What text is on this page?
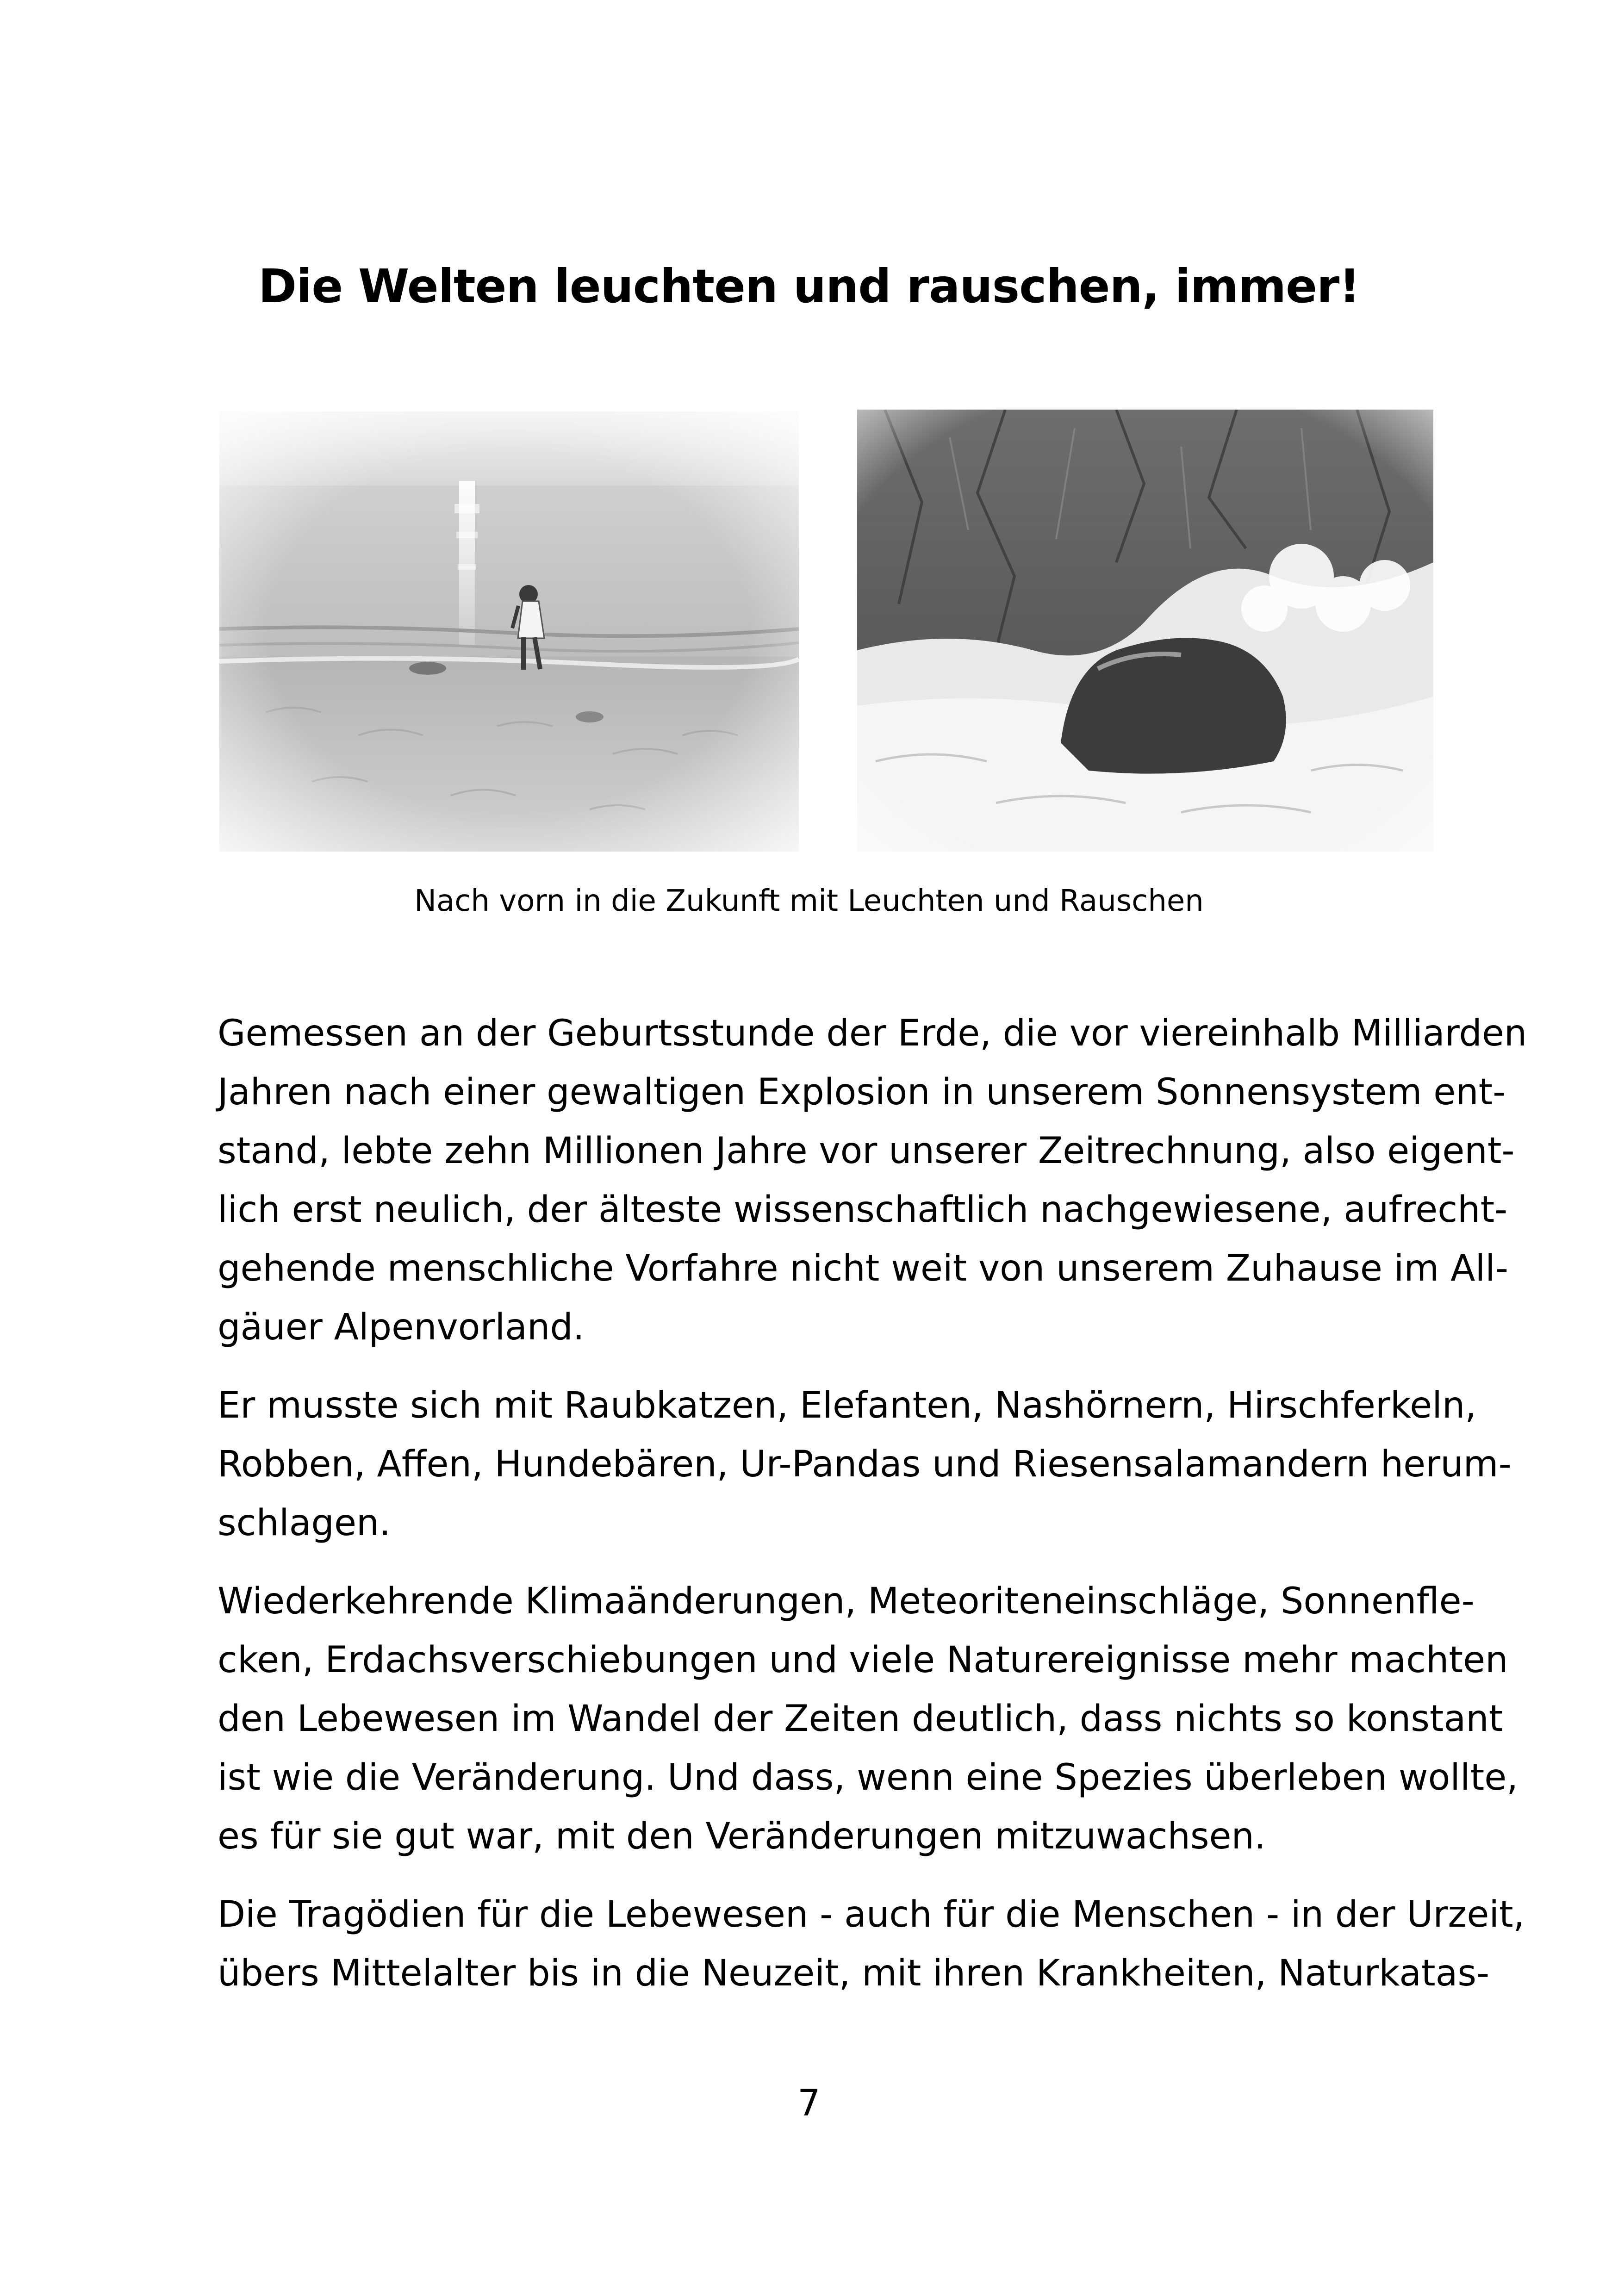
Die Welten leuchten und rauschen, immer!

Nach vorn in die Zukunft mit Leuchten und Rauschen

Gemessen an der Geburtsstunde der Erde, die vor viereinhalb Milliarden
Jahren nach einer gewaltigen Explosion in unserem Sonnensystem ent-
stand, lebte zehn Millionen Jahre vor unserer Zeitrechnung, also eigent-
lich erst neulich, der älteste wissenschaftlich nachgewiesene, aufrecht-
gehende menschliche Vorfahre nicht weit von unserem Zuhause im All-
gäuer Alpenvorland.

Er musste sich mit Raubkatzen, Elefanten, Nashörnern, Hirschferkeln,
Robben, Affen, Hundebären, Ur-Pandas und Riesensalamandern herum-
schlagen.

Wiederkehrende Klimaänderungen, Meteoriteneinschläge, Sonnenfle-
cken, Erdachsverschiebungen und viele Naturereignisse mehr machten
den Lebewesen im Wandel der Zeiten deutlich, dass nichts so konstant
ist wie die Veränderung. Und dass, wenn eine Spezies überleben wollte,
es für sie gut war, mit den Veränderungen mitzuwachsen.

Die Tragödien für die Lebewesen - auch für die Menschen - in der Urzeit,
übers Mittelalter bis in die Neuzeit, mit ihren Krankheiten, Naturkatas-

7
